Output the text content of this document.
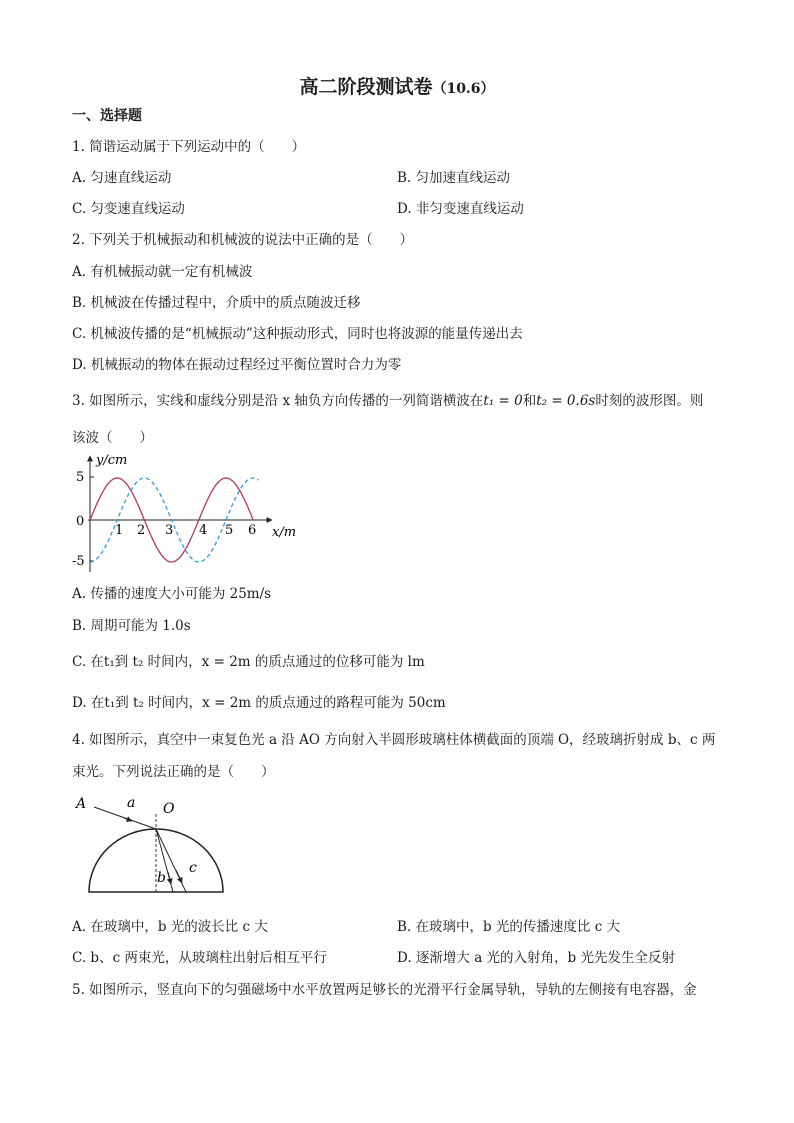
高二阶段测试卷（10.6）
一、选择题
1. 简谐运动属于下列运动中的（　　）
A. 匀速直线运动	B. 匀加速直线运动
C. 匀变速直线运动	D. 非匀变速直线运动
2. 下列关于机械振动和机械波的说法中正确的是（　　）
A. 有机械振动就一定有机械波
B. 机械波在传播过程中，介质中的质点随波迁移
C. 机械波传播的是“机械振动”这种振动形式，同时也将波源的能量传递出去
D. 机械振动的物体在振动过程经过平衡位置时合力为零
3. 如图所示，实线和虚线分别是沿 x 轴负方向传播的一列简谐横波在t₁ = 0和t₂ = 0.6s时刻的波形图。则
该波（　　）
y/cm
x/m
5
0
-5
1 2 3 4 5 6
A. 传播的速度大小可能为 25m/s
B. 周期可能为 1.0s
C. 在t₁到 t₂ 时间内，x = 2m 的质点通过的位移可能为 lm
D. 在t₁到 t₂ 时间内，x = 2m 的质点通过的路程可能为 50cm
4. 如图所示，真空中一束复色光 a 沿 AO 方向射入半圆形玻璃柱体横截面的顶端 O，经玻璃折射成 b、c 两
束光。下列说法正确的是（　　）
A	a O
b
c
A. 在玻璃中，b 光的波长比 c 大	B. 在玻璃中，b 光的传播速度比 c 大
C. b、c 两束光，从玻璃柱出射后相互平行	D. 逐渐增大 a 光的入射角，b 光先发生全反射
5. 如图所示，竖直向下的匀强磁场中水平放置两足够长的光滑平行金属导轨，导轨的左侧接有电容器，金
